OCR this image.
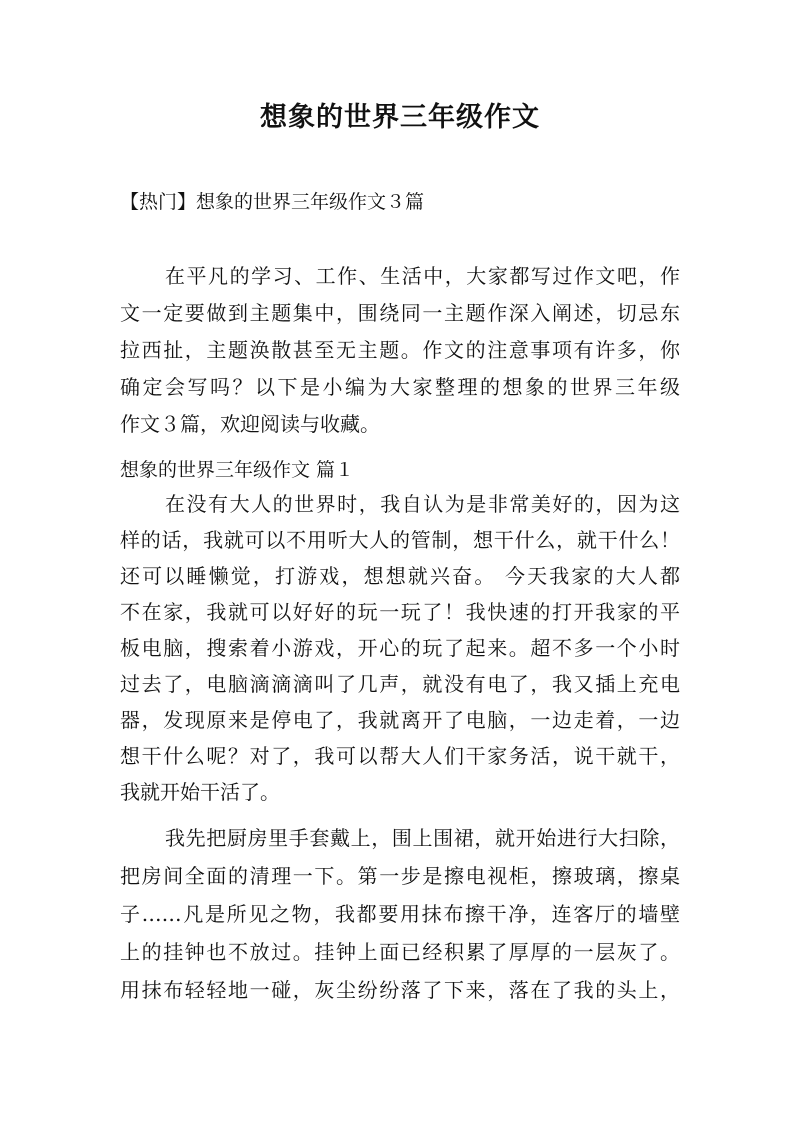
想象的世界三年级作文
【热门】想象的世界三年级作文３篇
在平凡的学习、工作、生活中，大家都写过作文吧，作
文一定要做到主题集中，围绕同一主题作深入阐述，切忌东
拉西扯，主题涣散甚至无主题。作文的注意事项有许多，你
确定会写吗？以下是小编为大家整理的想象的世界三年级
作文３篇，欢迎阅读与收藏。
想象的世界三年级作文 篇１
在没有大人的世界时，我自认为是非常美好的，因为这
样的话，我就可以不用听大人的管制，想干什么，就干什么！
还可以睡懒觉，打游戏，想想就兴奋。 今天我家的大人都
不在家，我就可以好好的玩一玩了！我快速的打开我家的平
板电脑，搜索着小游戏，开心的玩了起来。超不多一个小时
过去了，电脑滴滴滴叫了几声，就没有电了，我又插上充电
器，发现原来是停电了，我就离开了电脑，一边走着，一边
想干什么呢？对了，我可以帮大人们干家务活，说干就干，
我就开始干活了。
我先把厨房里手套戴上，围上围裙，就开始进行大扫除，
把房间全面的清理一下。第一步是擦电视柜，擦玻璃，擦桌
子……凡是所见之物，我都要用抹布擦干净，连客厅的墙壁
上的挂钟也不放过。挂钟上面已经积累了厚厚的一层灰了。
用抹布轻轻地一碰，灰尘纷纷落了下来，落在了我的头上，
